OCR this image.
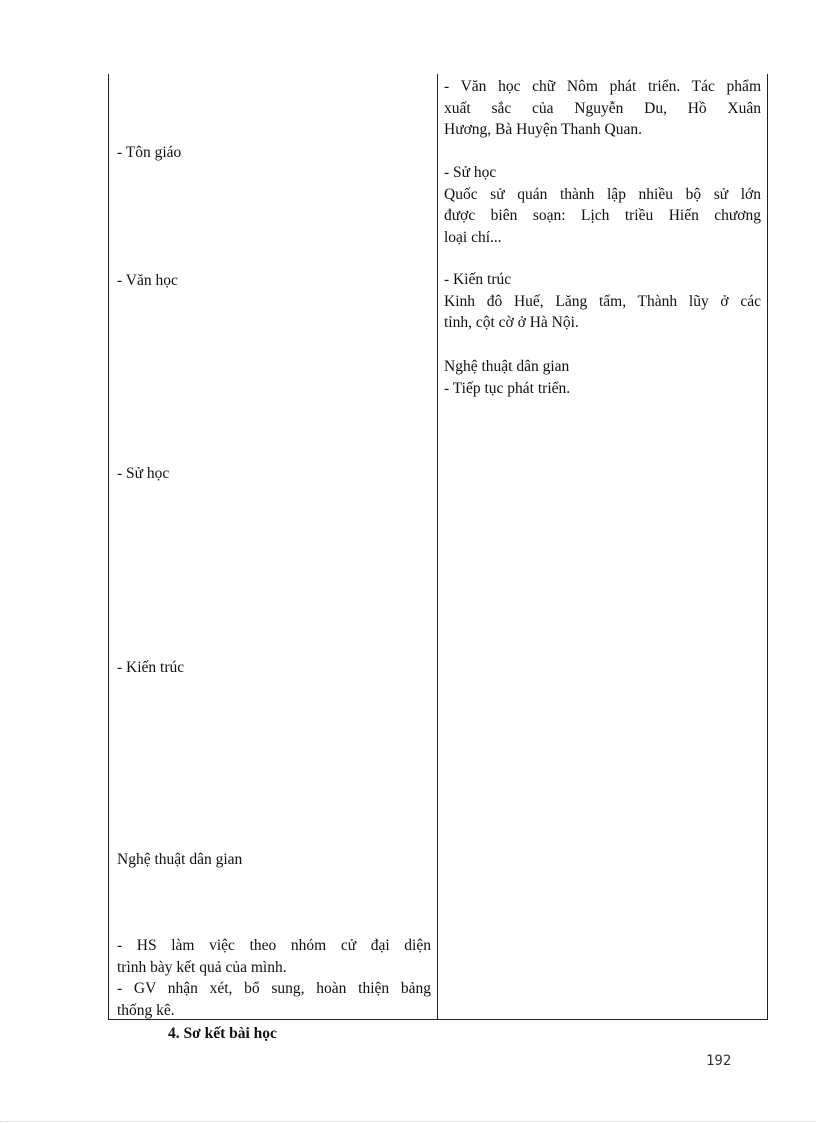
- Tôn giáo
- Văn học
- Sử học
- Kiến trúc
Nghệ thuật dân gian
- HS làm việc theo nhóm cử đại diện
trình bày kết quả của mình.
- GV nhận xét, bổ sung, hoàn thiện bảng
thống kê.
- Văn học chữ Nôm phát triển. Tác phẩm
xuất sắc của Nguyễn Du, Hồ Xuân
Hương, Bà Huyện Thanh Quan.
- Sử học
Quốc sử quán thành lập nhiều bộ sử lớn
được biên soạn: Lịch triều Hiến chương
loại chí...
- Kiến trúc
Kinh đô Huế, Lăng tẩm, Thành lũy ở các
tỉnh, cột cờ ở Hà Nội.
Nghệ thuật dân gian
- Tiếp tục phát triển.
4. Sơ kết bài học
192
